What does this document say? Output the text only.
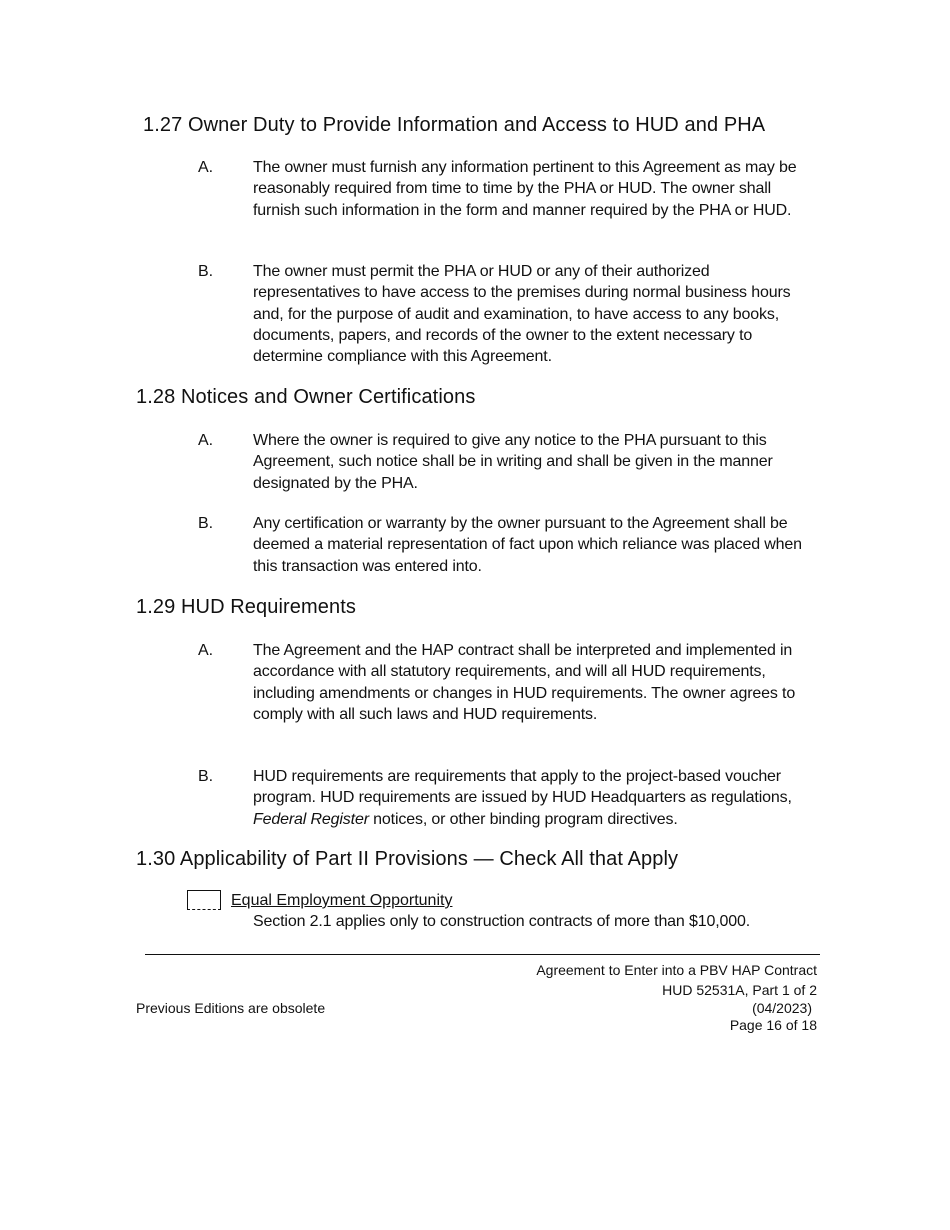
1.27 Owner Duty to Provide Information and Access to HUD and PHA
A. The owner must furnish any information pertinent to this Agreement as may be reasonably required from time to time by the PHA or HUD. The owner shall furnish such information in the form and manner required by the PHA or HUD.
B. The owner must permit the PHA or HUD or any of their authorized representatives to have access to the premises during normal business hours and, for the purpose of audit and examination, to have access to any books, documents, papers, and records of the owner to the extent necessary to determine compliance with this Agreement.
1.28 Notices and Owner Certifications
A. Where the owner is required to give any notice to the PHA pursuant to this Agreement, such notice shall be in writing and shall be given in the manner designated by the PHA.
B. Any certification or warranty by the owner pursuant to the Agreement shall be deemed a material representation of fact upon which reliance was placed when this transaction was entered into.
1.29 HUD Requirements
A. The Agreement and the HAP contract shall be interpreted and implemented in accordance with all statutory requirements, and will all HUD requirements, including amendments or changes in HUD requirements. The owner agrees to comply with all such laws and HUD requirements.
B. HUD requirements are requirements that apply to the project-based voucher program. HUD requirements are issued by HUD Headquarters as regulations, Federal Register notices, or other binding program directives.
1.30 Applicability of Part II Provisions — Check All that Apply
Equal Employment Opportunity
Section 2.1 applies only to construction contracts of more than $10,000.
Agreement to Enter into a PBV HAP Contract
HUD 52531A, Part 1 of 2
Previous Editions are obsolete	(04/2023)
Page 16 of 18
